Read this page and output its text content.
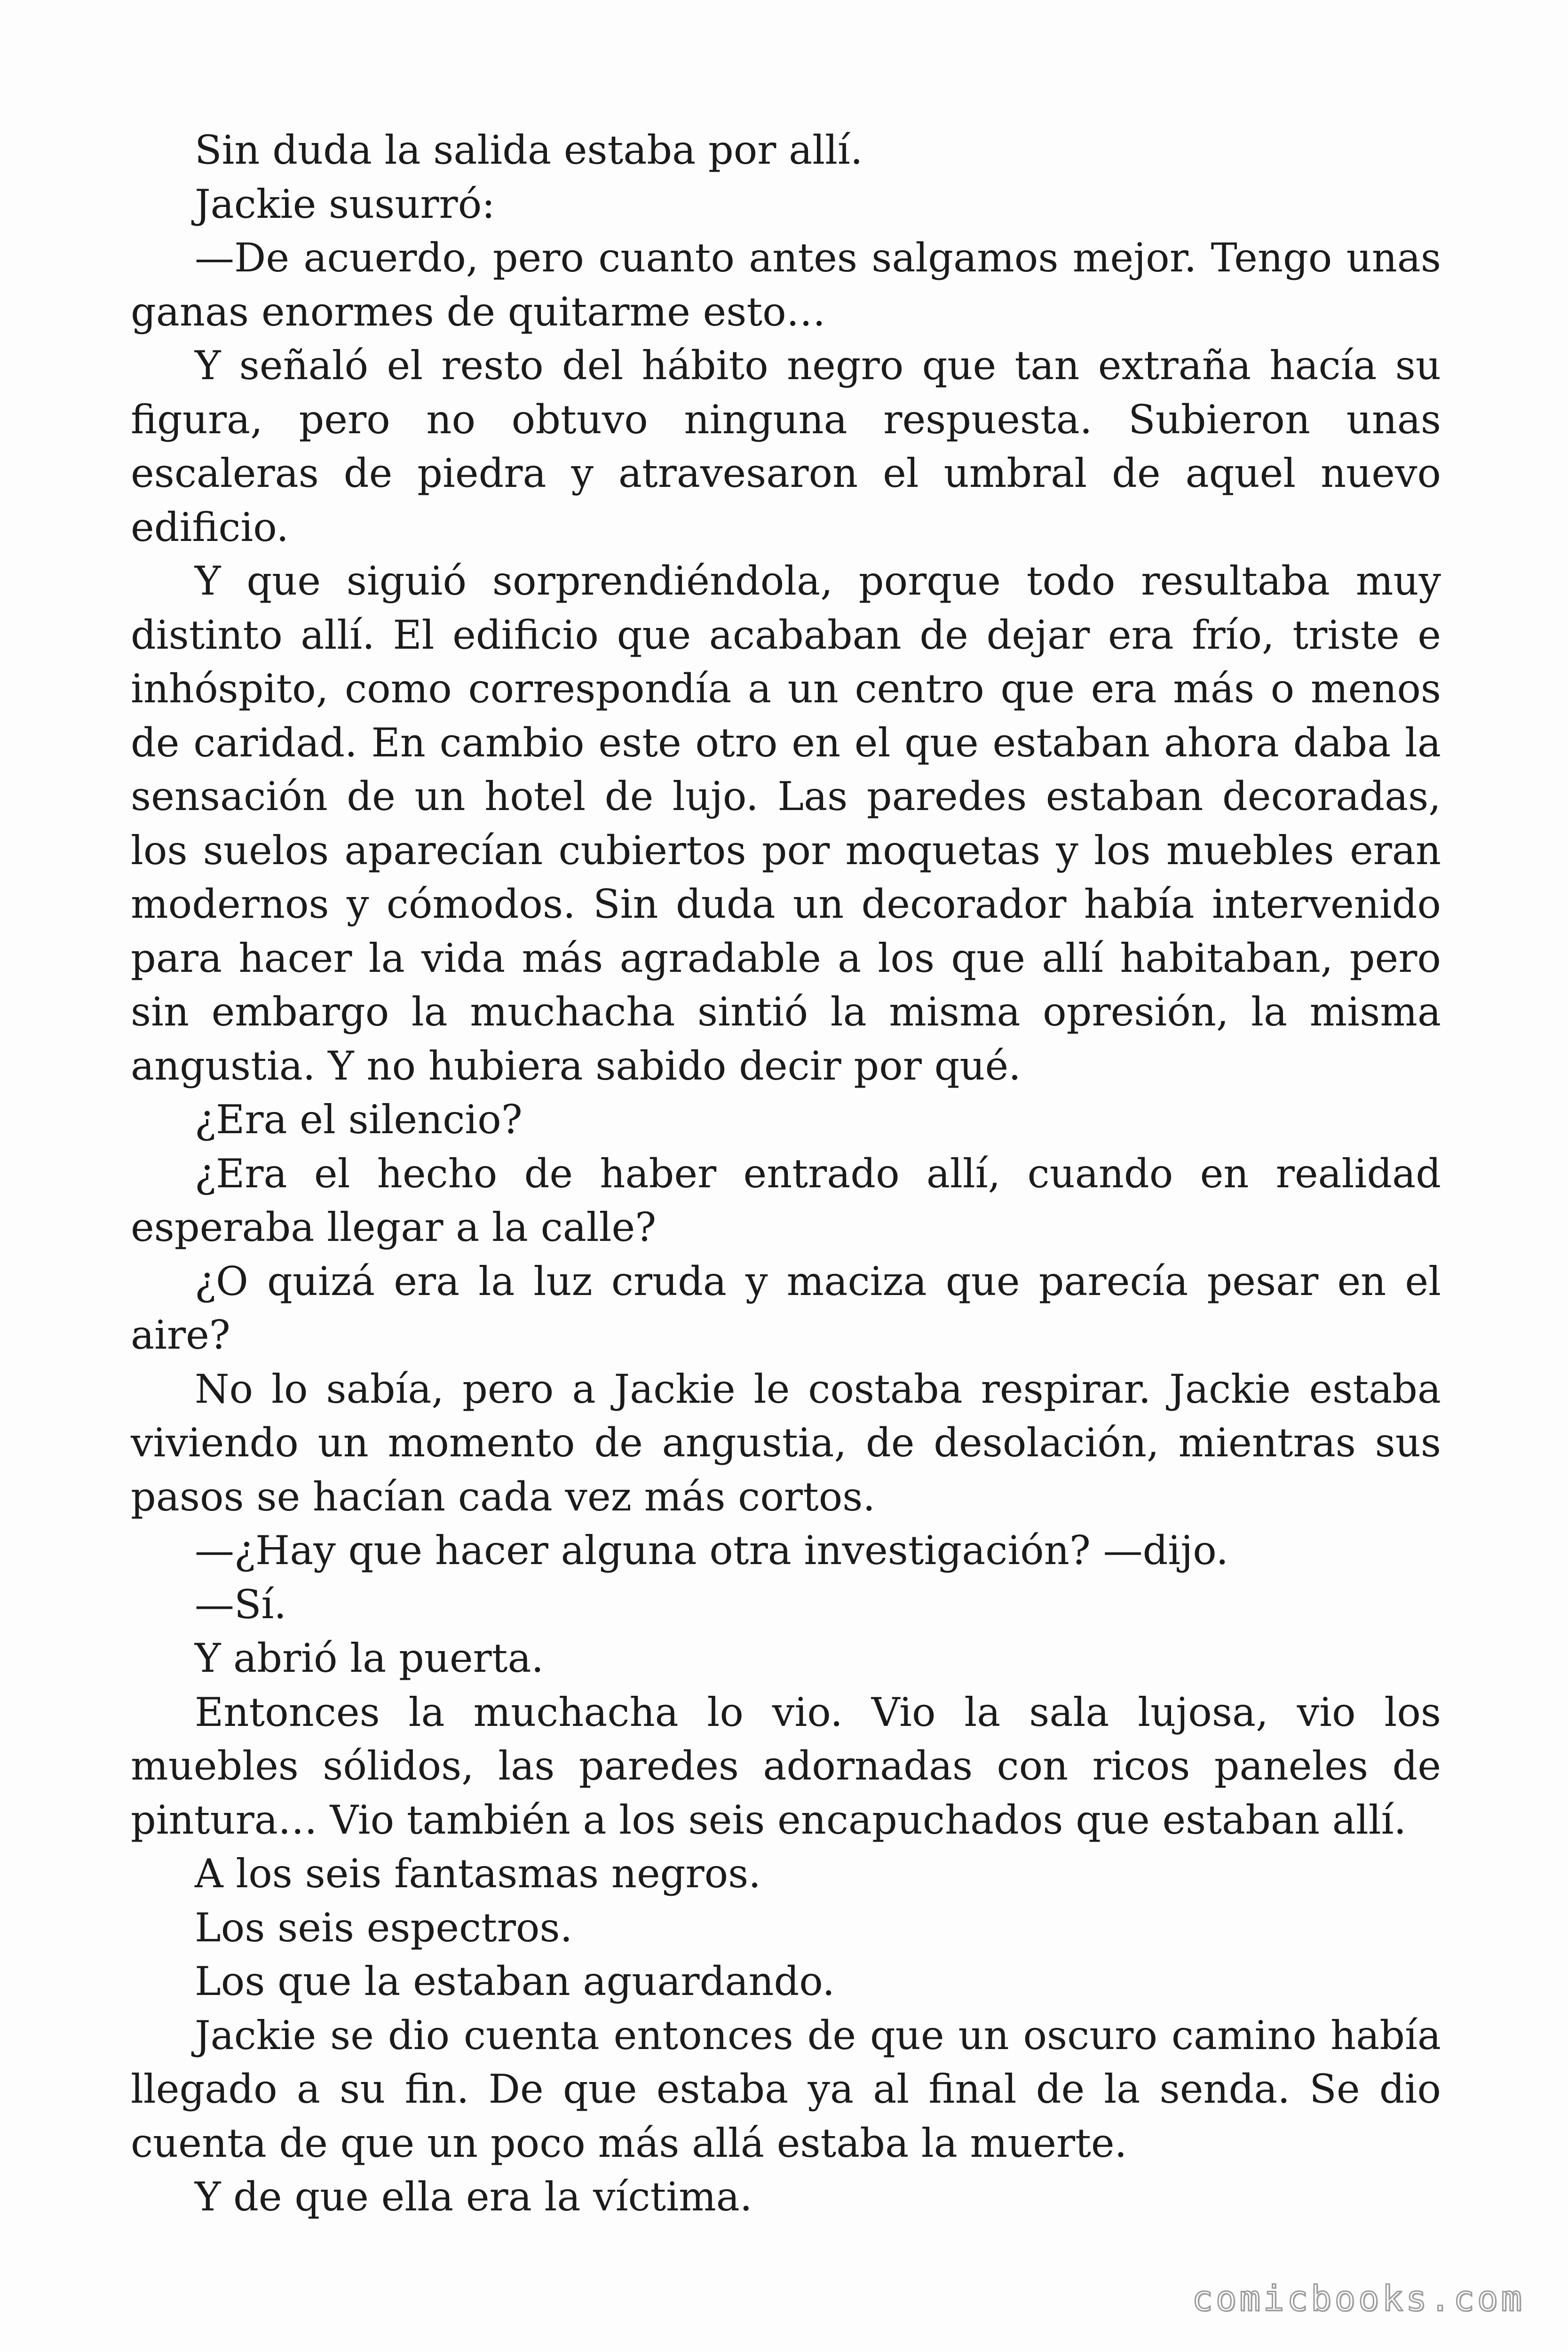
Sin duda la salida estaba por allí.

Jackie susurró:

—De acuerdo, pero cuanto antes salgamos mejor. Tengo unas ganas enormes de quitarme esto…

Y señaló el resto del hábito negro que tan extraña hacía su figura, pero no obtuvo ninguna respuesta. Subieron unas escaleras de piedra y atravesaron el umbral de aquel nuevo edificio.

Y que siguió sorprendiéndola, porque todo resultaba muy distinto allí. El edificio que acababan de dejar era frío, triste e inhóspito, como correspondía a un centro que era más o menos de caridad. En cambio este otro en el que estaban ahora daba la sensación de un hotel de lujo. Las paredes estaban decoradas, los suelos aparecían cubiertos por moquetas y los muebles eran modernos y cómodos. Sin duda un decorador había intervenido para hacer la vida más agradable a los que allí habitaban, pero sin embargo la muchacha sintió la misma opresión, la misma angustia. Y no hubiera sabido decir por qué.

¿Era el silencio?

¿Era el hecho de haber entrado allí, cuando en realidad esperaba llegar a la calle?

¿O quizá era la luz cruda y maciza que parecía pesar en el aire?

No lo sabía, pero a Jackie le costaba respirar. Jackie estaba viviendo un momento de angustia, de desolación, mientras sus pasos se hacían cada vez más cortos.

—¿Hay que hacer alguna otra investigación? —dijo.

—Sí.

Y abrió la puerta.

Entonces la muchacha lo vio. Vio la sala lujosa, vio los muebles sólidos, las paredes adornadas con ricos paneles de pintura… Vio también a los seis encapuchados que estaban allí.

A los seis fantasmas negros.

Los seis espectros.

Los que la estaban aguardando.

Jackie se dio cuenta entonces de que un oscuro camino había llegado a su fin. De que estaba ya al final de la senda. Se dio cuenta de que un poco más allá estaba la muerte.

Y de que ella era la víctima.

comicbooks.com
